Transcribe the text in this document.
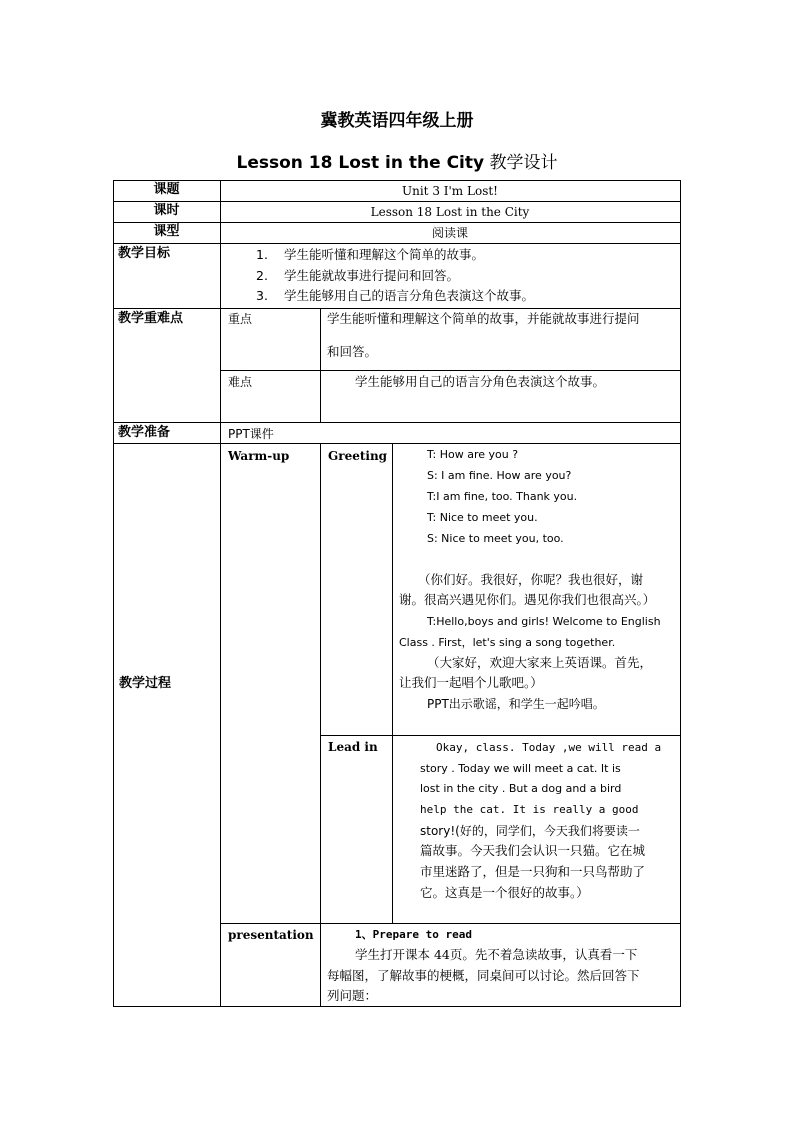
冀教英语四年级上册
Lesson 18 Lost in the City 教学设计
课题	Unit 3 I'm Lost!
课时	Lesson 18 Lost in the City
课型	阅读课
教学目标	1. 学生能听懂和理解这个简单的故事。
2. 学生能就故事进行提问和回答。
3. 学生能够用自己的语言分角色表演这个故事。
教学重难点	重点	学生能听懂和理解这个简单的故事，并能就故事进行提问
和回答。
难点	学生能够用自己的语言分角色表演这个故事。
教学准备	PPT课件
教学过程
Warm-up	Greeting	T: How are you ?
S: I am fine. How are you?
T:I am fine, too. Thank you.
T: Nice to meet you.
S: Nice to meet you, too.
（你们好。我很好，你呢？我也很好，谢
谢。很高兴遇见你们。遇见你我们也很高兴。）
T:Hello,boys and girls! Welcome to English
Class . First，let's sing a song together.
（大家好，欢迎大家来上英语课。首先，
让我们一起唱个儿歌吧。）
PPT出示歌谣，和学生一起吟唱。
Lead in	Okay, class. Today ,we will read a
story . Today we will meet a cat. It is
lost in the city . But a dog and a bird
help the cat. It is really a good
story!(好的，同学们，今天我们将要读一
篇故事。今天我们会认识一只猫。它在城
市里迷路了，但是一只狗和一只鸟帮助了
它。这真是一个很好的故事。）
presentation	1、Prepare to read
学生打开课本 44页。先不着急读故事，认真看一下
每幅图，了解故事的梗概，同桌间可以讨论。然后回答下
列问题：
